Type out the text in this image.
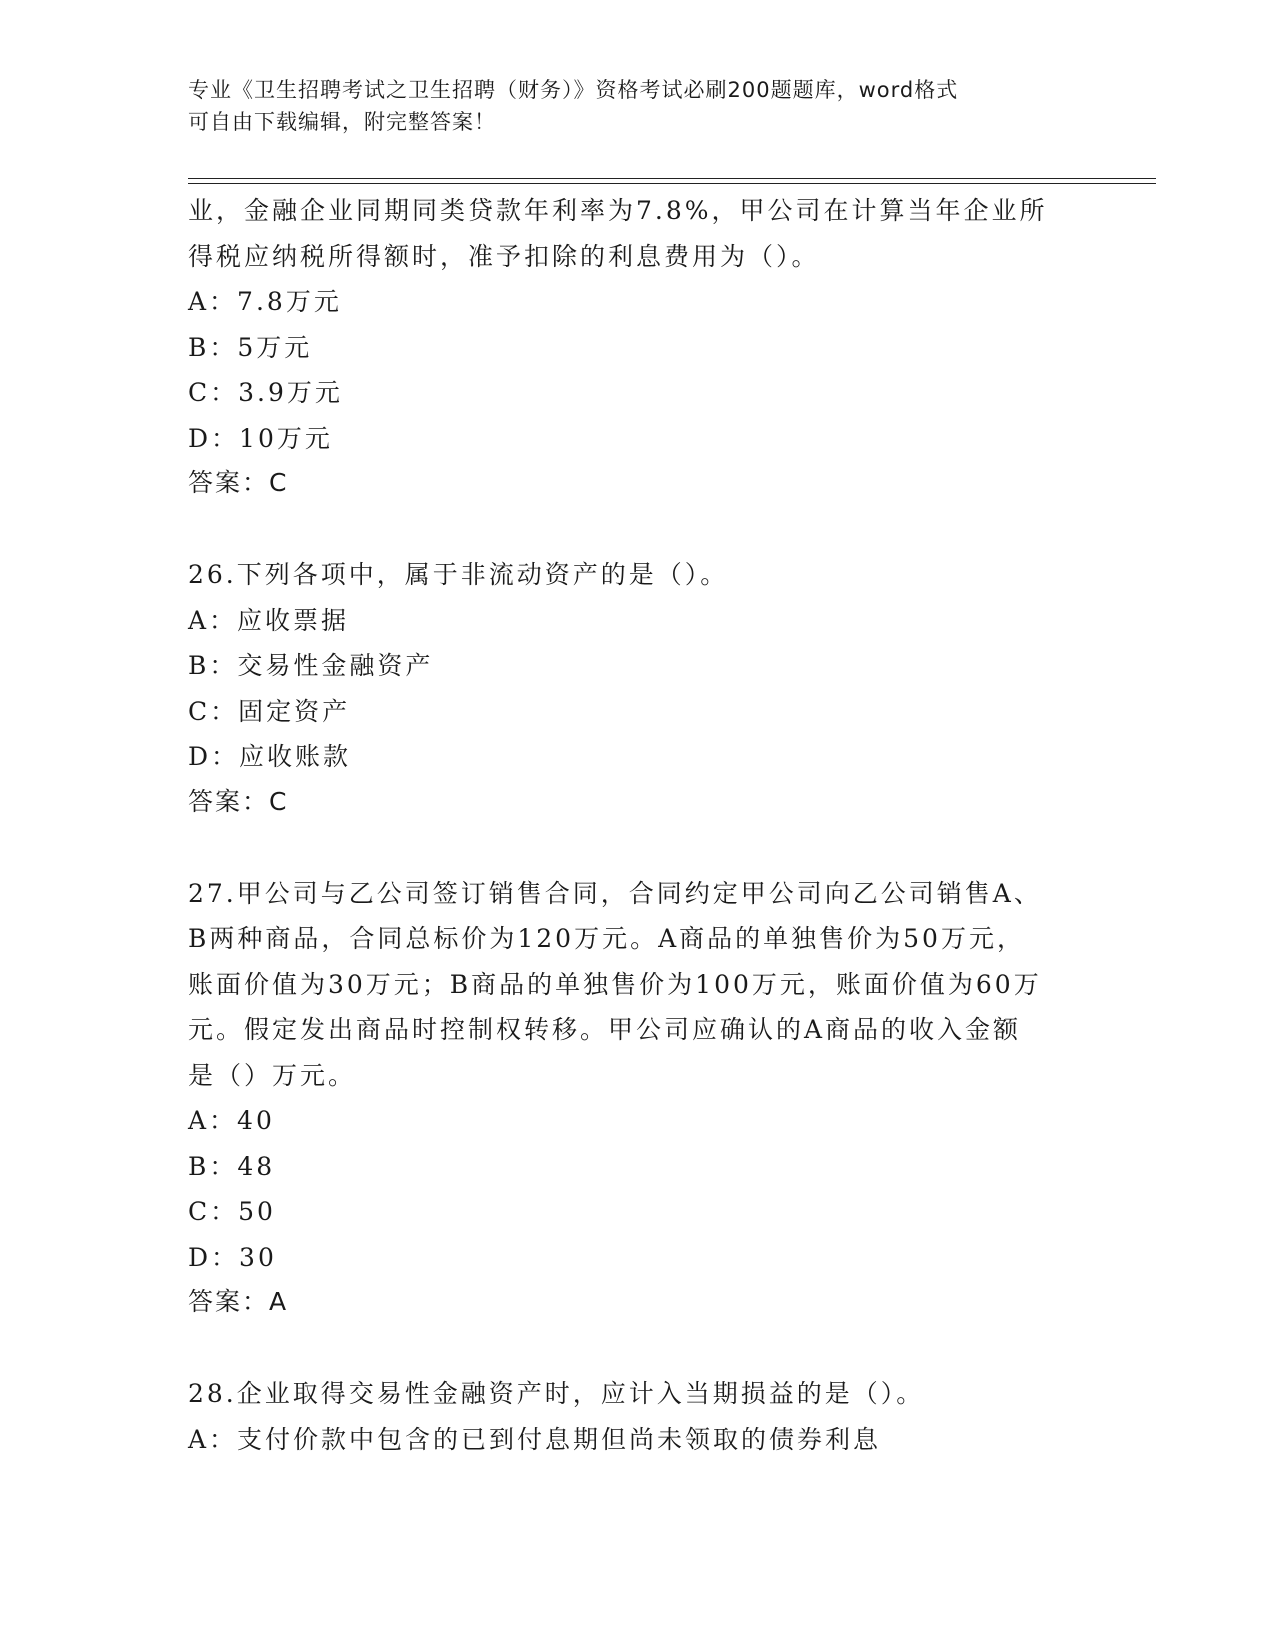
专业《卫生招聘考试之卫生招聘（财务）》资格考试必刷200题题库，word格式
可自由下载编辑，附完整答案！
业，金融企业同期同类贷款年利率为7.8%，甲公司在计算当年企业所
得税应纳税所得额时，准予扣除的利息费用为（）。
A：7.8万元
B：5万元
C：3.9万元
D：10万元
答案：C
26.下列各项中，属于非流动资产的是（）。
A：应收票据
B：交易性金融资产
C：固定资产
D：应收账款
答案：C
27.甲公司与乙公司签订销售合同，合同约定甲公司向乙公司销售A、
B两种商品，合同总标价为120万元。A商品的单独售价为50万元，
账面价值为30万元；B商品的单独售价为100万元，账面价值为60万
元。假定发出商品时控制权转移。甲公司应确认的A商品的收入金额
是（）万元。
A：40
B：48
C：50
D：30
答案：A
28.企业取得交易性金融资产时，应计入当期损益的是（）。
A：支付价款中包含的已到付息期但尚未领取的债券利息
